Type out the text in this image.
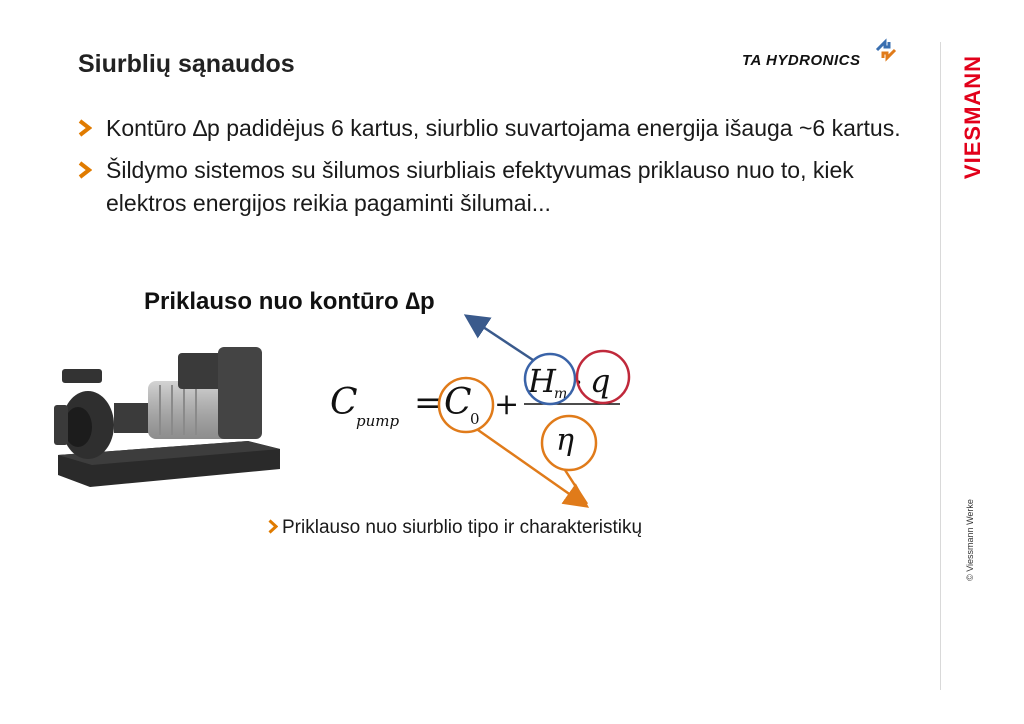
Siurblių sąnaudos	TA HYDRONICS	VIESMANN
© Viessmann Werke
Kontūro ∆p padidėjus 6 kartus, siurblio suvartojama energija išauga ~6 kartus.
Šildymo sistemos su šilumos siurbliais efektyvumas priklauso nuo to, kiek elektros energijos reikia pagaminti šilumai...
Priklauso nuo kontūro ∆p
C
pump = C
0 +
H
m · q
η
Priklauso nuo siurblio tipo ir charakteristikų
